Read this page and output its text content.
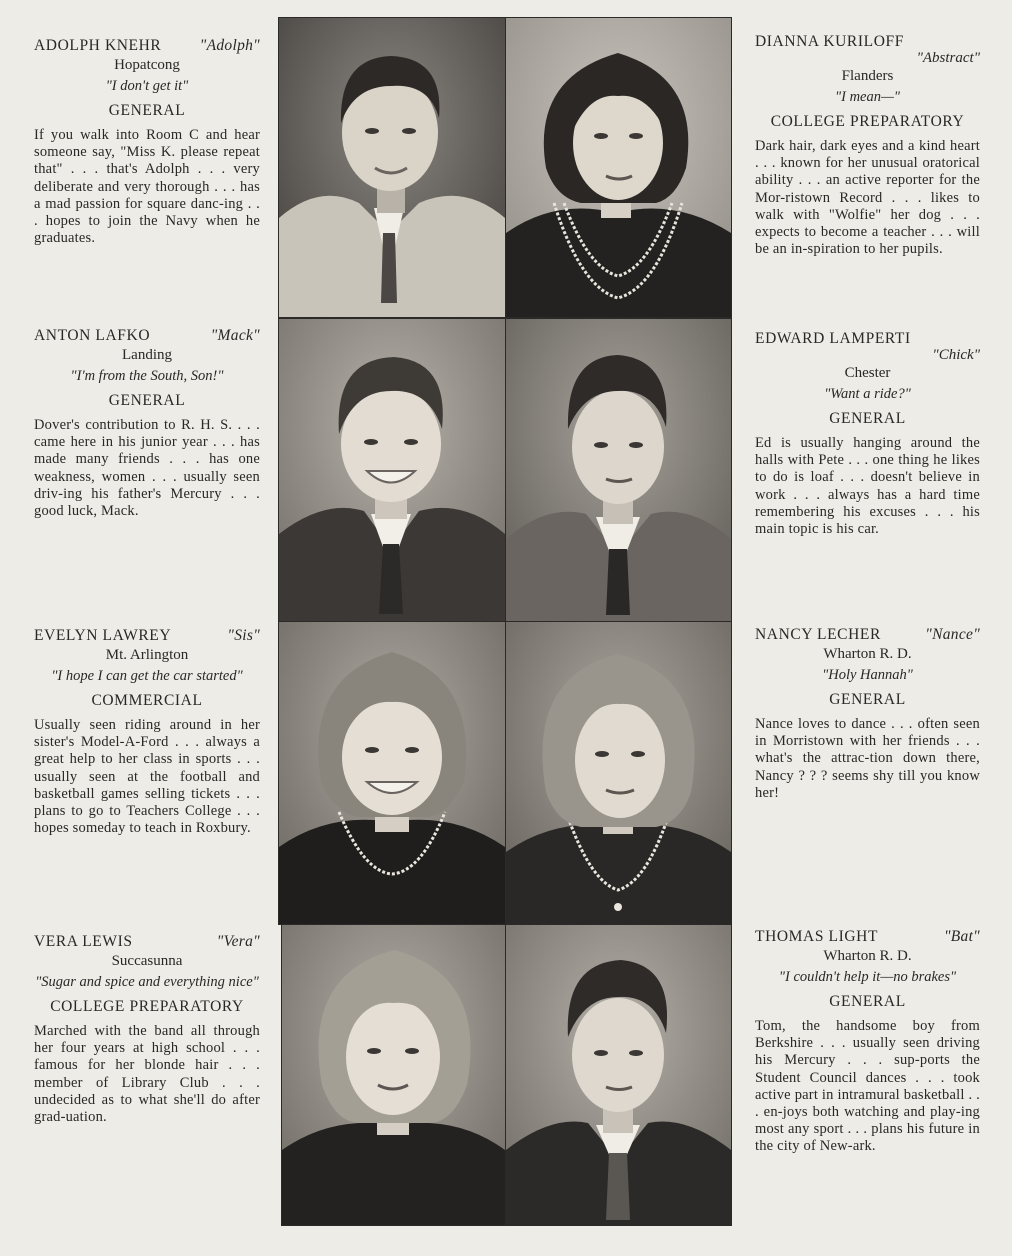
ADOLPH KNEHR "Adolph"
Hopatcong
"I don't get it"
GENERAL
If you walk into Room C and hear someone say, "Miss K. please repeat that" . . . that's Adolph . . . very deliberate and very thorough . . . has a mad passion for square danc-ing . . . hopes to join the Navy when he graduates.
ANTON LAFKO	"Mack"
Landing
"I'm from the South, Son!"
GENERAL
Dover's contribution to R. H. S. . . . came here in his junior year . . . has made many friends . . . has one weakness, women . . . usually seen driv-ing his father's Mercury . . . good luck, Mack.
EVELYN LAWREY	"Sis"
Mt. Arlington
"I hope I can get the car started"
COMMERCIAL
Usually seen riding around in her sister's Model-A-Ford . . . always a great help to her class in sports . . . usually seen at the football and basketball games selling tickets . . . plans to go to Teachers College . . . hopes someday to teach in Roxbury.
VERA LEWIS	"Vera"
Succasunna
"Sugar and spice and everything nice"
COLLEGE PREPARATORY
Marched with the band all through her four years at high school . . . famous for her blonde hair . . . member of Library Club . . . undecided as to what she'll do after grad-uation.
DIANNA KURILOFF
"Abstract"
Flanders
"I mean—"
COLLEGE PREPARATORY
Dark hair, dark eyes and a kind heart . . . known for her unusual oratorical ability . . . an active reporter for the Mor-ristown Record . . . likes to walk with "Wolfie" her dog . . . expects to become a teacher . . . will be an in-spiration to her pupils.
EDWARD LAMPERTI
"Chick"
Chester
"Want a ride?"
GENERAL
Ed is usually hanging around the halls with Pete . . . one thing he likes to do is loaf . . . doesn't believe in work . . . always has a hard time remembering his excuses . . . his main topic is his car.
NANCY LECHER	"Nance"
Wharton R. D.
"Holy Hannah"
GENERAL
Nance loves to dance . . . often seen in Morristown with her friends . . . what's the attrac-tion down there, Nancy ? ? ? seems shy till you know her!
THOMAS LIGHT	"Bat"
Wharton R. D.
"I couldn't help it—no brakes"
GENERAL
Tom, the handsome boy from Berkshire . . . usually seen driving his Mercury . . . sup-ports the Student Council dances . . . took active part in intramural basketball . . . en-joys both watching and play-ing most any sport . . . plans his future in the city of New-ark.
